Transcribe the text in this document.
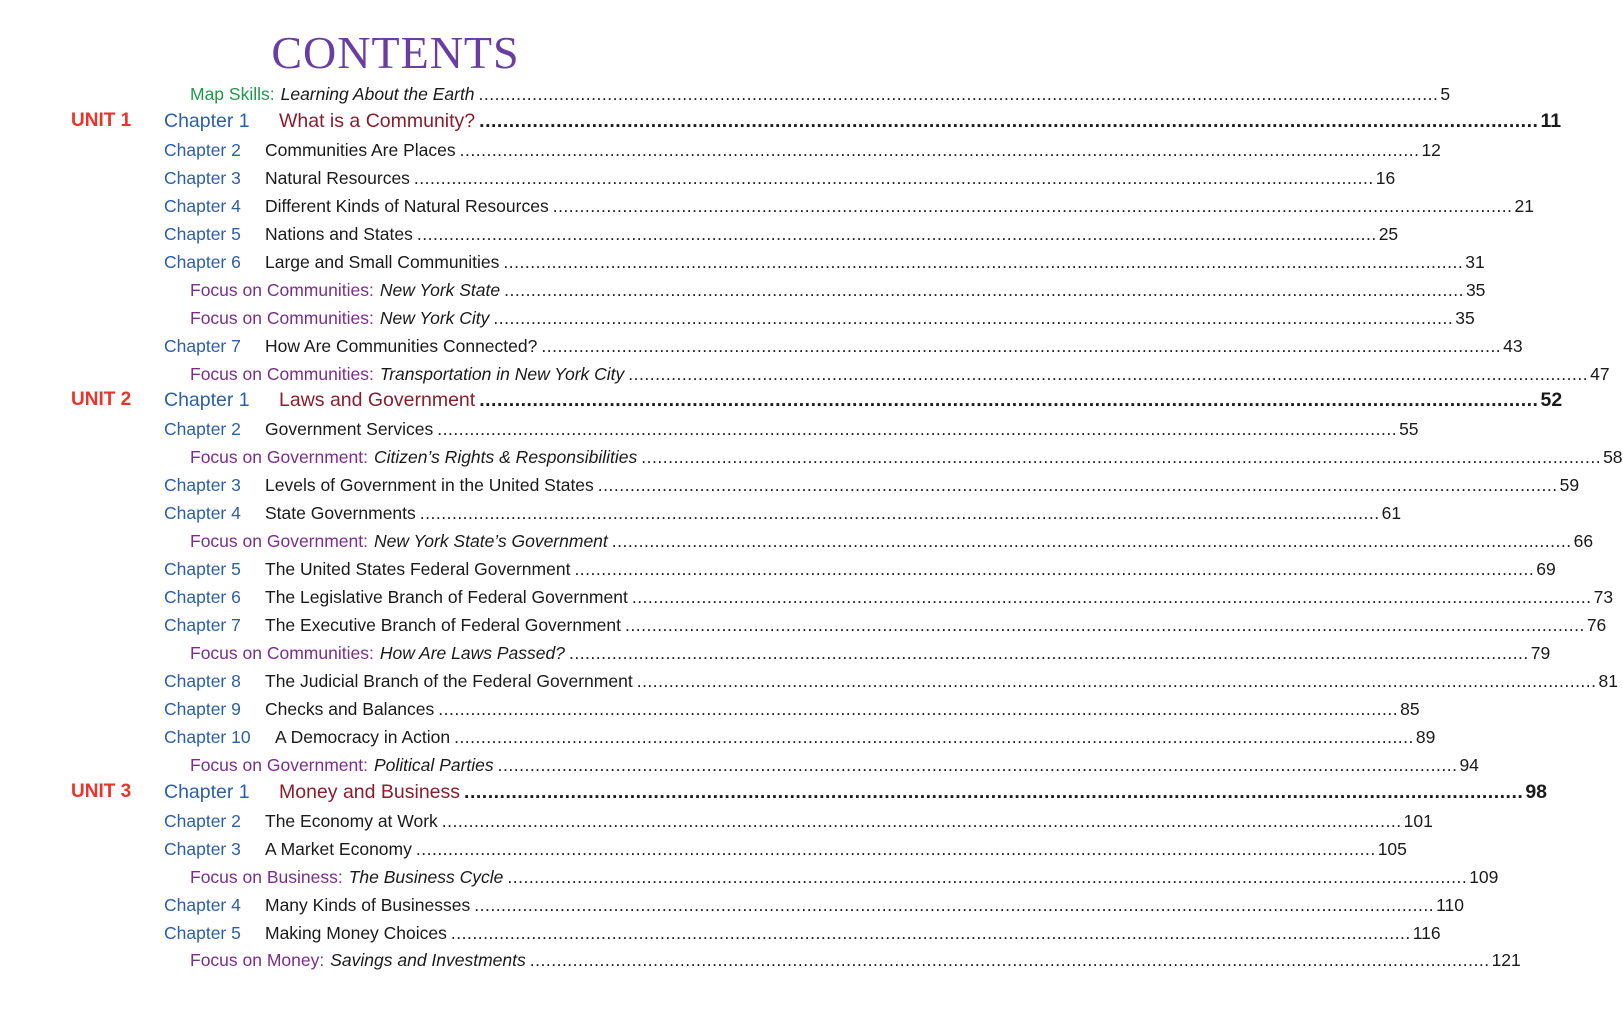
CONTENTS
Map Skills: Learning About the Earth .....	5
UNIT 1 Chapter 1	What is a Community? .....	11
Chapter 2	Communities Are Places .....	12
Chapter 3	Natural Resources .....	16
Chapter 4	Different Kinds of Natural Resources .....	21
Chapter 5	Nations and States .....	25
Chapter 6	Large and Small Communities .....	31
Focus on Communities: New York State .....	35
Focus on Communities: New York City .....	35
Chapter 7	How Are Communities Connected? .....	43
Focus on Communities: Transportation in New York City .....	47
UNIT 2 Chapter 1	Laws and Government .....	52
Chapter 2	Government Services .....	55
Focus on Government: Citizen’s Rights & Responsibilities .....	58
Chapter 3	Levels of Government in the United States .....	59
Chapter 4	State Governments .....	61
Focus on Government: New York State’s Government .....	66
Chapter 5	The United States Federal Government .....	69
Chapter 6	The Legislative Branch of Federal Government .....	73
Chapter 7	The Executive Branch of Federal Government .....	76
Focus on Communities: How Are Laws Passed? .....	79
Chapter 8	The Judicial Branch of the Federal Government .....	81
Chapter 9	Checks and Balances .....	85
Chapter 10	A Democracy in Action .....	89
Focus on Government: Political Parties .....	94
UNIT 3 Chapter 1	Money and Business .....	98
Chapter 2	The Economy at Work .....	101
Chapter 3	A Market Economy .....	105
Focus on Business: The Business Cycle .....	109
Chapter 4	Many Kinds of Businesses .....	110
Chapter 5	Making Money Choices .....	116
Focus on Money: Savings and Investments .....	121
